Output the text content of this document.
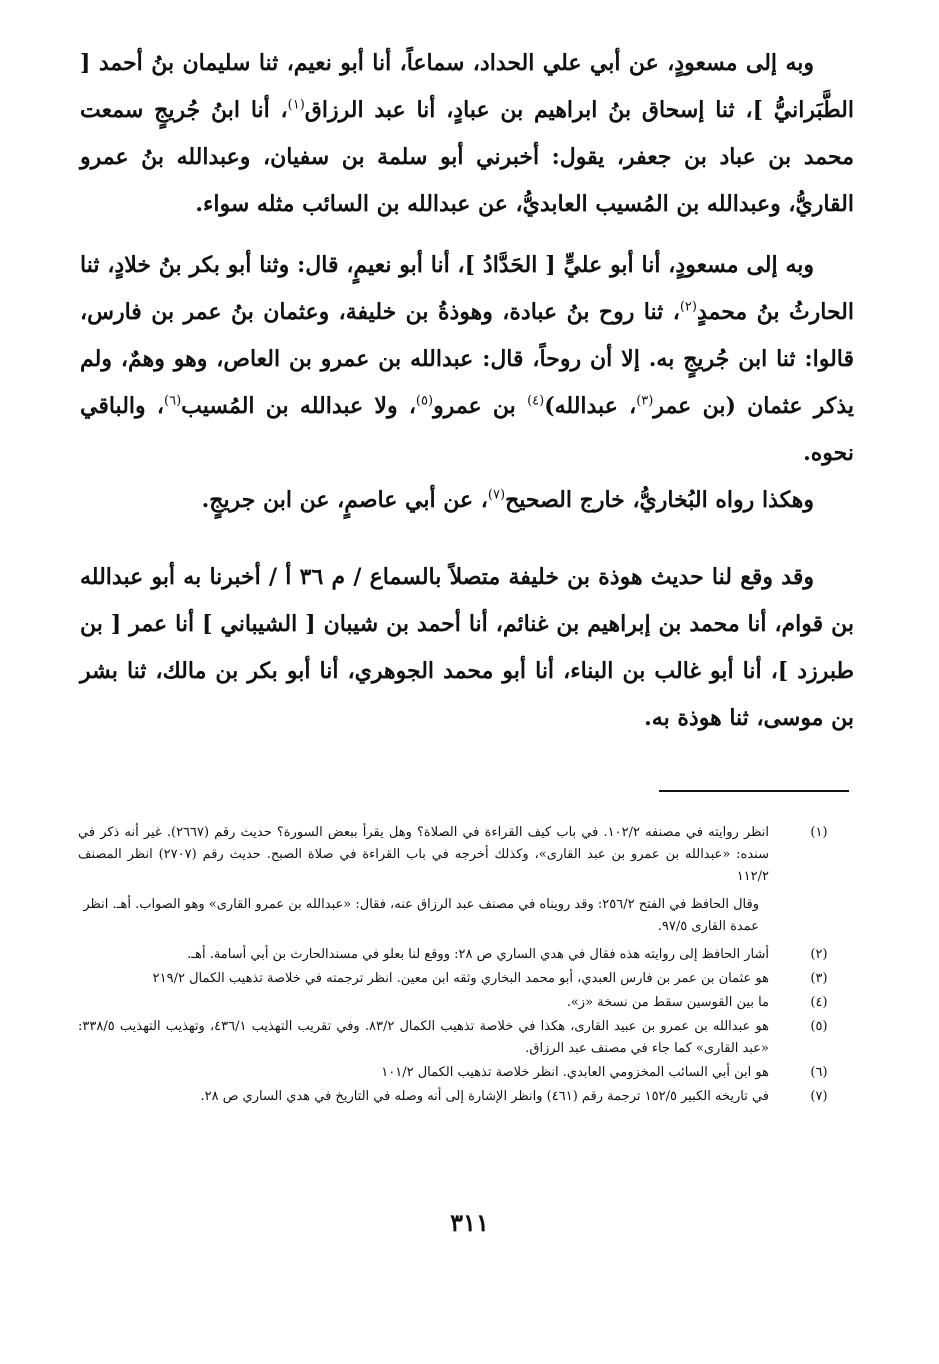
وبه إلى مسعودٍ، عن أبي علي الحداد، سماعاً، أنا أبو نعيم، ثنا سليمان بنُ أحمد [ الطَّبَرانيُّ ]، ثنا إسحاق بنُ ابراهيم بن عبادٍ، أنا عبد الرزاق$^{(١)}$، أنا ابنُ جُريجٍ سمعت محمد بن عباد بن جعفر، يقول: أخبرني أبو سلمة بن سفيان، وعبدالله بنُ عمرو القاريُّ، وعبدالله بن المُسيب العابديُّ، عن عبدالله بن السائب مثله سواء.

وبه إلى مسعودٍ، أنا أبو عليٍّ [ الحَدَّادُ ]، أنا أبو نعيمٍ، قال: وثنا أبو بكر بنُ خلادٍ، ثنا الحارثُ بنُ محمدٍ$^{(٢)}$، ثنا روح بنُ عبادة، وهوذةُ بن خليفة، وعثمان بنُ عمر بن فارس، قالوا: ثنا ابن جُريجٍ به. إلا أن روحاً، قال: عبدالله بن عمرو بن العاص، وهو وهمٌ، ولم يذكر عثمان (بن عمر$^{(٣)}$، عبدالله)$^{(٤)}$ بن عمرو$^{(٥)}$، ولا عبدالله بن المُسيب$^{(٦)}$، والباقي نحوه.

وهكذا رواه البُخاريُّ، خارج الصحيح$^{(٧)}$، عن أبي عاصمٍ، عن ابن جريجٍ.

وقد وقع لنا حديث هوذة بن خليفة متصلاً بالسماع / م ٣٦ أ / أخبرنا به أبو عبدالله بن قوام، أنا محمد بن إبراهيم بن غنائم، أنا أحمد بن شيبان [ الشيباني ] أنا عمر [ بن طبرزد ]، أنا أبو غالب بن البناء، أنا أبو محمد الجوهري، أنا أبو بكر بن مالك، ثنا بشر بن موسى، ثنا هوذة به.

(١)
انظر روايته في مصنفه ١٠٢/٢. في باب كيف القراءة في الصلاة؟ وهل يقرأ ببعض السورة؟ حديث رقم (٢٦٦٧). غير أنه ذكر في سنده: «عبدالله بن عمرو بن عبد القارى»، وكذلك أخرجه في باب القراءة في صلاة الصبح. حديث رقم (٢٧٠٧) انظر المصنف ١١٢/٢
وقال الحافظ في الفتح ٢٥٦/٢: وقد رويناه في مصنف عبد الرزاق عنه، فقال: «عبدالله بن عمرو القارى» وهو الصواب. أهـ. انظر عمدة القارى ٩٧/٥.
(٢)
أشار الحافظ إلى روايته هذه فقال في هدي الساري ص ٢٨: ووقع لنا بعلو في مسندالحارث بن أبي أسامة. أهـ.
(٣)
هو عثمان بن عمر بن فارس العبدي، أبو محمد البخاري وثقه ابن معين. انظر ترجمته في خلاصة تذهيب الكمال ٢١٩/٢
(٤)
ما بين القوسين سقط من نسخة «ز».
(٥)
هو عبدالله بن عمرو بن عبيد القارى، هكذا في خلاصة تذهيب الكمال ٨٣/٢. وفي تقريب التهذيب ٤٣٦/١، وتهذيب التهذيب ٣٣٨/٥: «عبد القارى» كما جاء في مصنف عبد الرزاق.
(٦)
هو ابن أبي السائب المخزومي العابدي. انظر خلاصة تذهيب الكمال ١٠١/٢
(٧)
في تاريخه الكبير ١٥٢/٥ ترجمة رقم (٤٦١) وانظر الإشارة إلى أنه وصله في التاريخ في هدي الساري ص ٢٨.
٣١١
